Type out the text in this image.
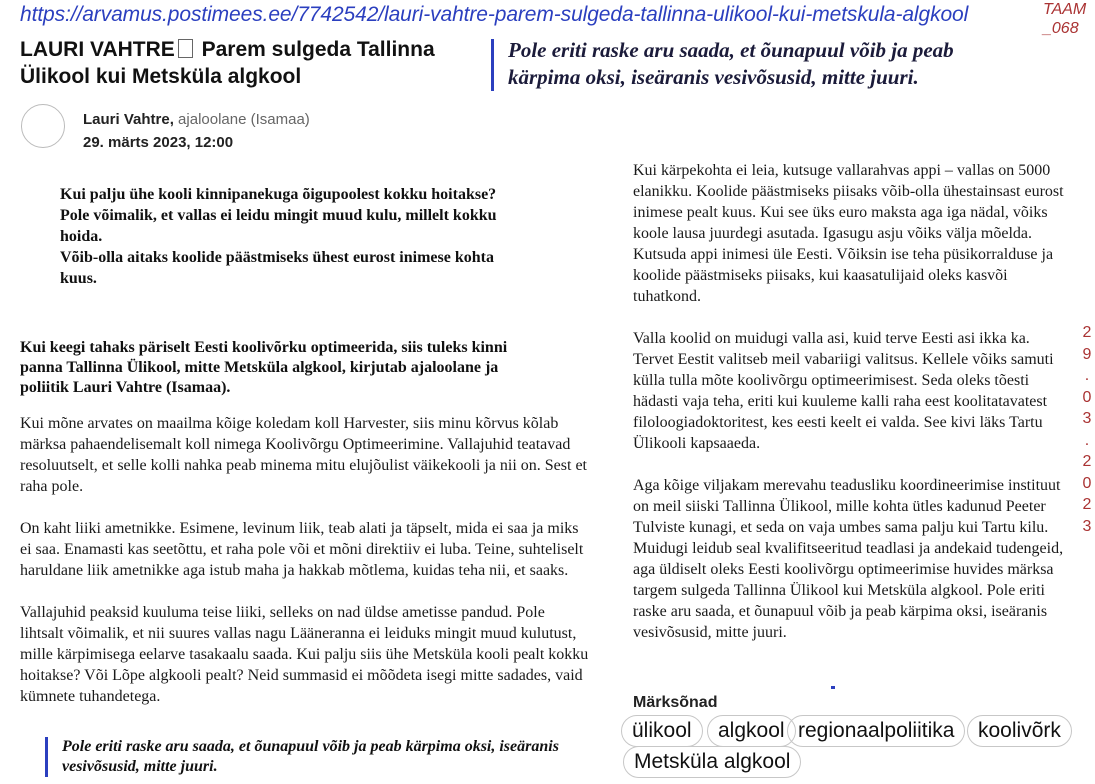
https://arvamus.postimees.ee/7742542/lauri-vahtre-parem-sulgeda-tallinna-ulikool-kui-metskula-algkool	TAAM _068
LAURI VAHTRE Parem sulgeda Tallinna Ülikool kui Metsküla algkool
Pole eriti raske aru saada, et õunapuul võib ja peab kärpima oksi, iseäranis vesivõsusid, mitte juuri.
Lauri Vahtre, ajaloolane (Isamaa)
29. märts 2023, 12:00
Kui palju ühe kooli kinnipanekuga õigupoolest kokku hoitakse?
Pole võimalik, et vallas ei leidu mingit muud kulu, millelt kokku hoida.
Võib-olla aitaks koolide päästmiseks ühest eurost inimese kohta kuus.
Kui keegi tahaks päriselt Eesti koolivõrku optimeerida, siis tuleks kinni panna Tallinna Ülikool, mitte Metsküla algkool, kirjutab ajaloolane ja poliitik Lauri Vahtre (Isamaa).

Kui mõne arvates on maailma kõige koledam koll Harvester, siis minu kõrvus kõlab märksa pahaendelisemalt koll nimega Koolivõrgu Optimeerimine. Vallajuhid teatavad resoluutselt, et selle kolli nahka peab minema mitu elujõulist väikekooli ja nii on. Sest et raha pole.

On kaht liiki ametnikke. Esimene, levinum liik, teab alati ja täpselt, mida ei saa ja miks ei saa. Enamasti kas seetõttu, et raha pole või et mõni direktiiv ei luba. Teine, suhteliselt haruldane liik ametnikke aga istub maha ja hakkab mõtlema, kuidas teha nii, et saaks.

Vallajuhid peaksid kuuluma teise liiki, selleks on nad üldse ametisse pandud. Pole lihtsalt võimalik, et nii suures vallas nagu Lääneranna ei leiduks mingit muud kulutust, mille kärpimisega eelarve tasakaalu saada. Kui palju siis ühe Metsküla kooli pealt kokku hoitakse? Või Lõpe algkooli pealt? Neid summasid ei mõõdeta isegi mitte sadades, vaid kümnete tuhandetega.

Pole eriti raske aru saada, et õunapuul võib ja peab kärpima oksi, iseäranis vesivõsusid, mitte juuri.

Kui kärpekohta ei leia, kutsuge vallarahvas appi – vallas on 5000 elanikku. Koolide päästmiseks piisaks võib-olla ühestainsast eurost inimese pealt kuus. Kui see üks euro maksta aga iga nädal, võiks koole lausa juurdegi asutada. Igasugu asju võiks välja mõelda. Kutsuda appi inimesi üle Eesti. Võiksin ise teha püsikorralduse ja koolide päästmiseks piisaks, kui kaasatulijaid oleks kasvõi tuhatkond.

Valla koolid on muidugi valla asi, kuid terve Eesti asi ikka ka. Tervet Eestit valitseb meil vabariigi valitsus. Kellele võiks samuti külla tulla mõte koolivõrgu optimeerimisest. Seda oleks tõesti hädasti vaja teha, eriti kui kuuleme kalli raha eest koolitatavatest filoloogiadoktoritest, kes eesti keelt ei valda. See kivi läks Tartu Ülikooli kapsaaeda.

Aga kõige viljakam merevahu teadusliku koordineerimise instituut on meil siiski Tallinna Ülikool, mille kohta ütles kadunud Peeter Tulviste kunagi, et seda on vaja umbes sama palju kui Tartu kilu. Muidugi leidub seal kvalifitseeritud teadlasi ja andekaid tudengeid, aga üldiselt oleks Eesti koolivõrgu optimeerimise huvides märksa targem sulgeda Tallinna Ülikool kui Metsküla algkool. Pole eriti raske aru saada, et õunapuul võib ja peab kärpima oksi, iseäranis vesivõsusid, mitte juuri.

2
9
.
0
3
.
2
0
2
3
Märksõnad
ülikool	algkool regionaalpoliitika	koolivõrk
Metsküla algkool
